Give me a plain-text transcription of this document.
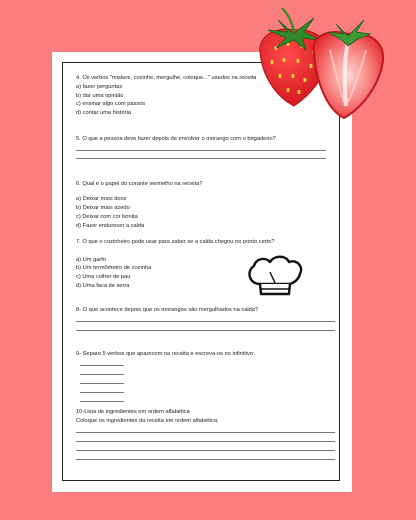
4. Os verbos "misture, cozinhe, mergulhe, coloque..." usados na receita
a) fazer perguntas
b) dar uma opinião
c) ensinar algo com passos
d) contar uma história
5. O que a pessoa deve fazer depois de envolver o morango com o brigadeiro?
6. Qual é o papel do corante vermelho na receita?
a) Deixar mais doce
b) Deixar mais azedo
c) Deixar com cor bonita
d) Fazer endurecer a calda
7. O que o cozinheiro pode usar para saber se a calda chegou no ponto certo?
a) Um garfo
b) Um termômetro de cozinha
c) Uma colher de pau
d) Uma faca de serra
8- O que acontece depois que os morangos são mergulhados na calda?
9- Separe 5 verbos que aparecem na receita e escreva-os no infinitivo:
10-Lista de ingredientes em ordem alfabética
Coloque os ingredientes da receita em ordem alfabética:
